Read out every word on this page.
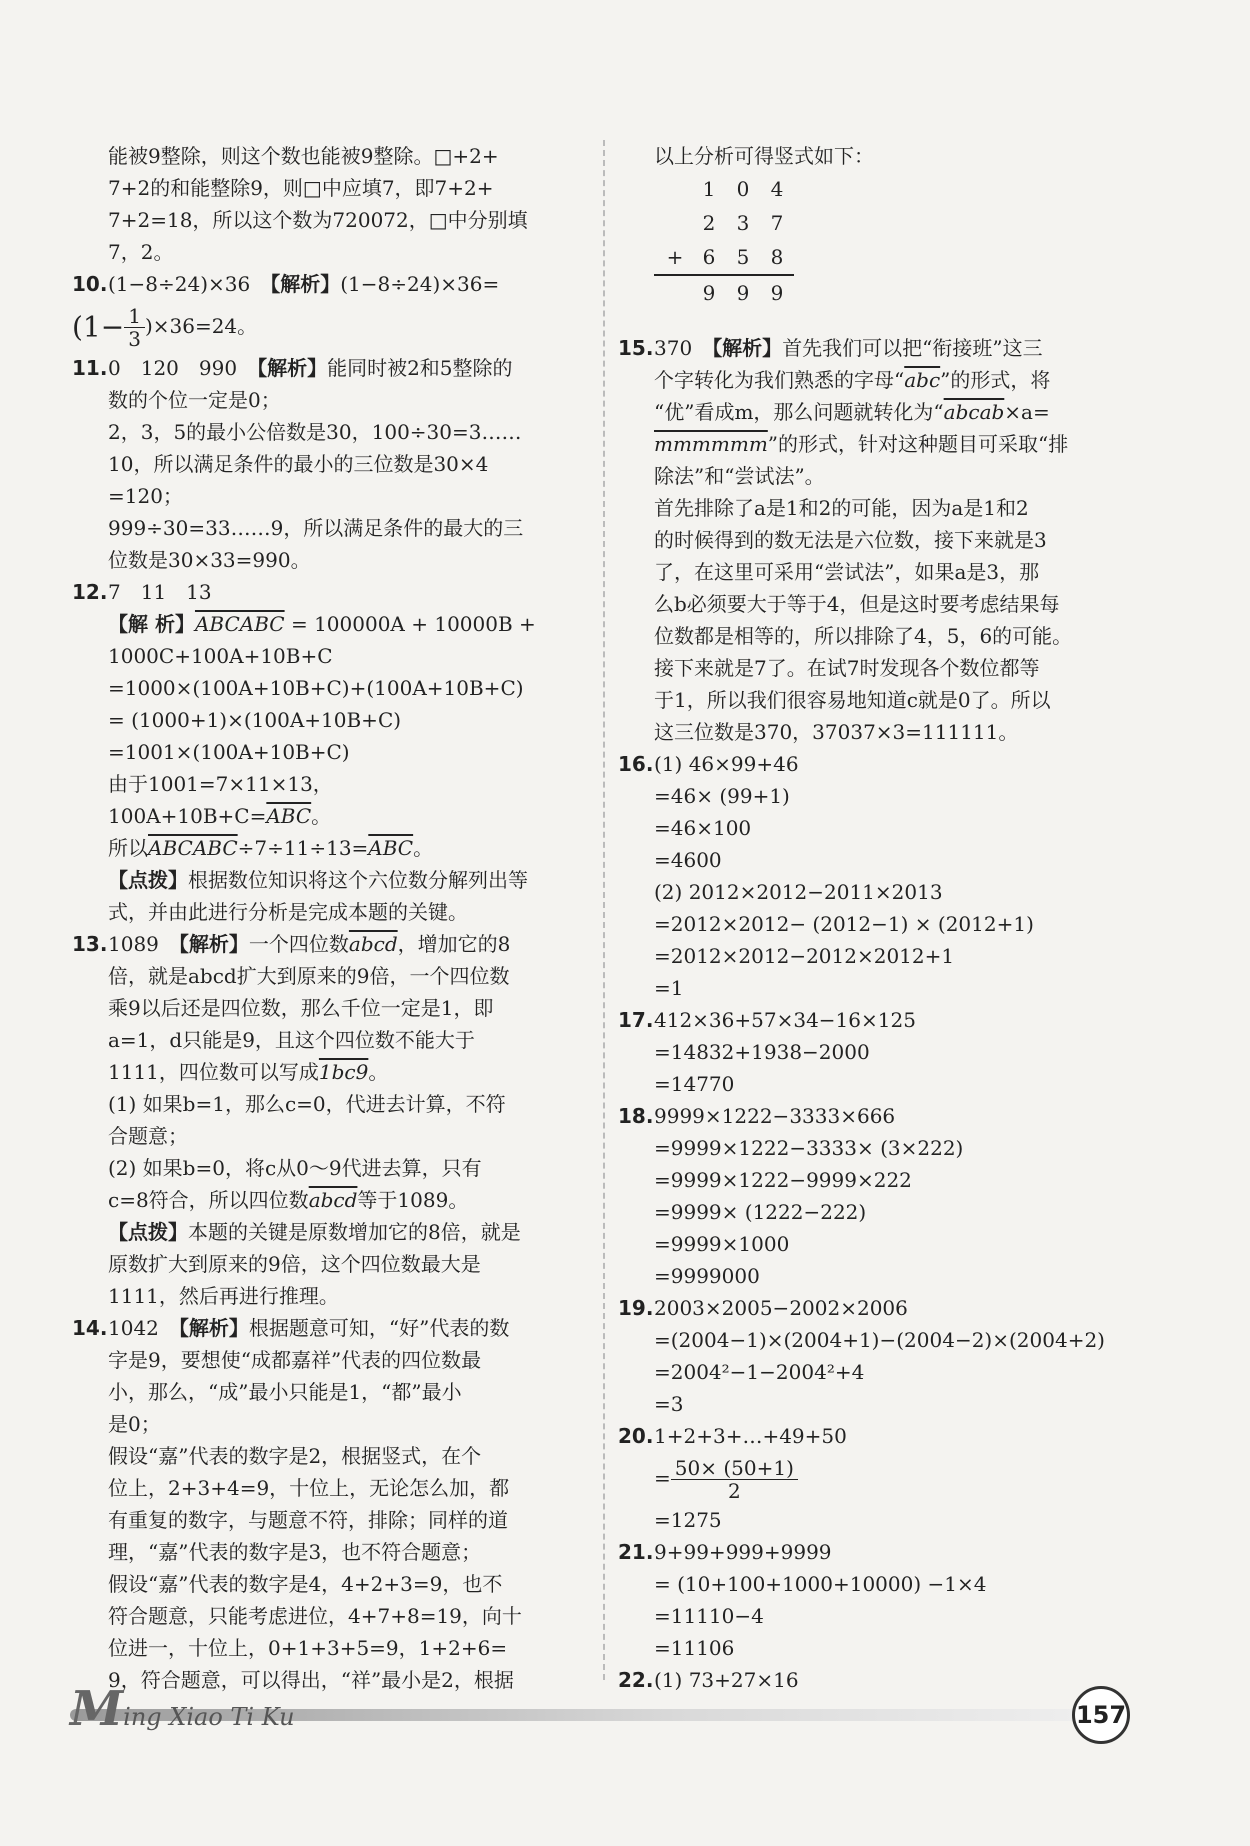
能被9整除，则这个数也能被9整除。□+2+
7+2的和能整除9，则□中应填7，即7+2+
7+2=18，所以这个数为720072，□中分别填
7，2。
10.(1−8÷24)×36　 【解析】(1−8÷24)×36=
$(1- \frac{1}{3} )\times 36=24$。
11.0　120　990　 【解析】能同时被2和5整除的
数的个位一定是0；
2，3，5的最小公倍数是30，100÷30=3……
10，所以满足条件的最小的三位数是30×4
=120；
999÷30=33……9，所以满足条件的最大的三
位数是30×33=990。
12.7　11　13
【解 析】ABCABC = 100000A + 10000B +
1000C+100A+10B+C
=1000×(100A+10B+C)+(100A+10B+C)
= (1000+1)×(100A+10B+C)
=1001×(100A+10B+C)
由于1001=7×11×13，
$100A+10B+C=\overline{ABC}$。
所以$ABCABC\div 7\div 11\div 13=\overline{ABC}$。
【点拨】根据数位知识将这个六位数分解列出等
式，并由此进行分析是完成本题的关键。
13.1089　 【解析】一个四位数abcd，增加它的8
倍，就是abcd扩大到原来的9倍，一个四位数
乘9以后还是四位数，那么千位一定是1，即
a=1，d只能是9，且这个四位数不能大于
1111，四位数可以写成1bc9。
(1) 如果b=1，那么c=0，代进去计算，不符
合题意；
(2) 如果b=0，将c从0～9代进去算，只有
c=8符合，所以四位数abcd等于1089。
【点拨】本题的关键是原数增加它的8倍，就是
原数扩大到原来的9倍，这个四位数最大是
1111，然后再进行推理。
14.1042　 【解析】根据题意可知，“好”代表的数
字是9，要想使“成都嘉祥”代表的四位数最
小，那么，“成”最小只能是1，“都”最小
是0；
假设“嘉”代表的数字是2，根据竖式，在个
位上，2+3+4=9，十位上，无论怎么加，都
有重复的数字，与题意不符，排除；同样的道
理，“嘉”代表的数字是3，也不符合题意；
假设“嘉”代表的数字是4，4+2+3=9，也不
符合题意，只能考虑进位，4+7+8=19，向十
位进一，十位上，0+1+3+5=9，1+2+6=
9，符合题意，可以得出，“祥”最小是2，根据
以上分析可得竖式如下：
1	0	4
2	3	7
+ 6	5	8
9	9	9
15.370　 【解析】首先我们可以把“衔接班”这三
个字转化为我们熟悉的字母“$\overline{abc}$”的形式，将
“优”看成m，那么问题就转化为“abcab×a=
mmmmmm”的形式，针对这种题目可采取“排
除法”和“尝试法”。
首先排除了a是1和2的可能，因为a是1和2
的时候得到的数无法是六位数，接下来就是3
了，在这里可采用“尝试法”，如果a是3，那
么b必须要大于等于4，但是这时要考虑结果每
位数都是相等的，所以排除了4，5，6的可能。
接下来就是7了。在试7时发现各个数位都等
于1，所以我们很容易地知道c就是0了。所以
这三位数是370，37037×3=111111。
16.(1) 46×99+46
=46× (99+1)
=46×100
=4600
(2) 2012×2012−2011×2013
=2012×2012− (2012−1) × (2012+1)
=2012×2012−2012×2012+1
=1
17.412×36+57×34−16×125
=14832+1938−2000
=14770
18.9999×1222−3333×666
=9999×1222−3333× (3×222)
=9999×1222−9999×222
=9999× (1222−222)
=9999×1000
=9999000
19.2003×2005−2002×2006
=(2004−1)×(2004+1)−(2004−2)×(2004+2)
=2004²−1−2004²+4
=3
20.1+2+3+…+49+50
= $\frac{50\times (50+1)}{2}$
=1275
21.9+99+999+9999
= (10+100+1000+10000) −1×4
=11110−4
=11106
22.(1) 73+27×16
Ming Xiao Ti Ku	157
